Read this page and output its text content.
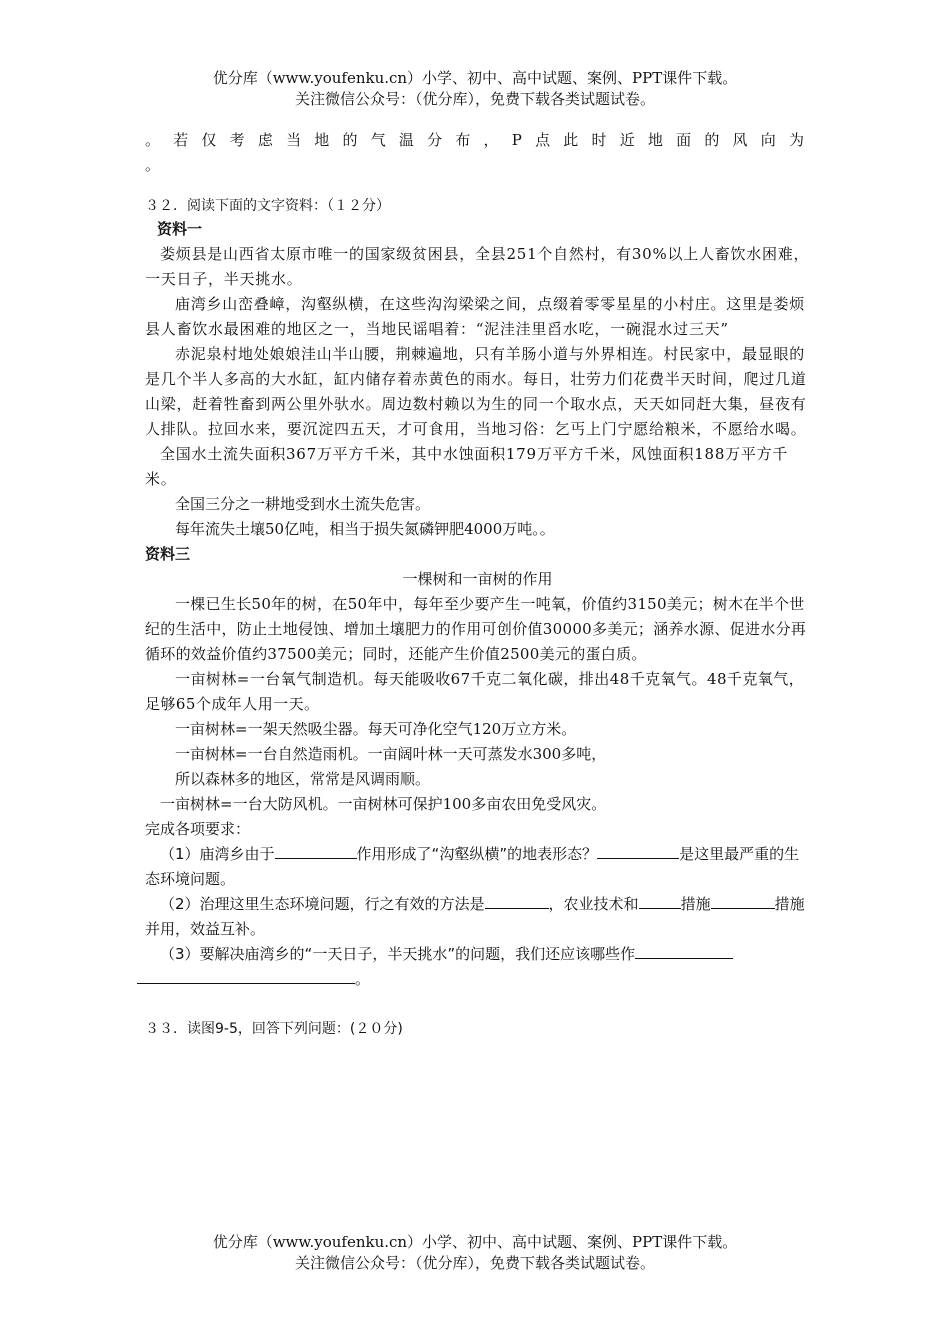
优分库（www.youfenku.cn）小学、初中、高中试题、案例、PPT课件下载。
关注微信公众号：（优分库），免费下载各类试题试卷。

。若仅考虑当地的气温分布，P点此时近地面的风向为

。

３２．阅读下面的文字资料：（１２分）

资料一

娄烦县是山西省太原市唯一的国家级贫困县，全县251个自然村，有30%以上人畜饮水困难，一天日子，半天挑水。

庙湾乡山峦叠嶂，沟壑纵横，在这些沟沟梁梁之间，点缀着零零星星的小村庄。这里是娄烦县人畜饮水最困难的地区之一，当地民谣唱着：“泥洼洼里舀水吃，一碗混水过三天”

赤泥泉村地处娘娘洼山半山腰，荆棘遍地，只有羊肠小道与外界相连。村民家中，最显眼的是几个半人多高的大水缸，缸内储存着赤黄色的雨水。每日，壮劳力们花费半天时间，爬过几道山梁，赶着牲畜到两公里外驮水。周边数村赖以为生的同一个取水点，天天如同赶大集，昼夜有人排队。拉回水来，要沉淀四五天，才可食用，当地习俗：乞丐上门宁愿给粮米，不愿给水喝。

全国水土流失面积367万平方千米，其中水蚀面积179万平方千米，风蚀面积188万平方千米。

全国三分之一耕地受到水土流失危害。

每年流失土壤50亿吨，相当于损失氮磷钾肥4000万吨。。

资料三

一棵树和一亩树的作用

一棵已生长50年的树，在50年中，每年至少要产生一吨氧，价值约3150美元；树木在半个世纪的生活中，防止土地侵蚀、增加土壤肥力的作用可创价值30000多美元；涵养水源、促进水分再循环的效益价值约37500美元；同时，还能产生价值2500美元的蛋白质。

一亩树林=一台氧气制造机。每天能吸收67千克二氧化碳，排出48千克氧气。48千克氧气，足够65个成年人用一天。

一亩树林=一架天然吸尘器。每天可净化空气120万立方米。

一亩树林=一台自然造雨机。一亩阔叶林一天可蒸发水300多吨，

所以森林多的地区，常常是风调雨顺。

一亩树林=一台大防风机。一亩树林可保护100多亩农田免受风灾。

完成各项要求：

（1）庙湾乡由于	作用形成了“沟壑纵横”的地表形态？	是这里最严重的生态环境问题。

（2）治理这里生态环境问题，行之有效的方法是	，农业技术和	措施	措施并用，效益互补。

（3）要解决庙湾乡的“一天日子，半天挑水”的问题，我们还应该哪些作
。

３３．读图9-5，回答下列问题：(２０分)

优分库（www.youfenku.cn）小学、初中、高中试题、案例、PPT课件下载。
关注微信公众号：（优分库），免费下载各类试题试卷。
